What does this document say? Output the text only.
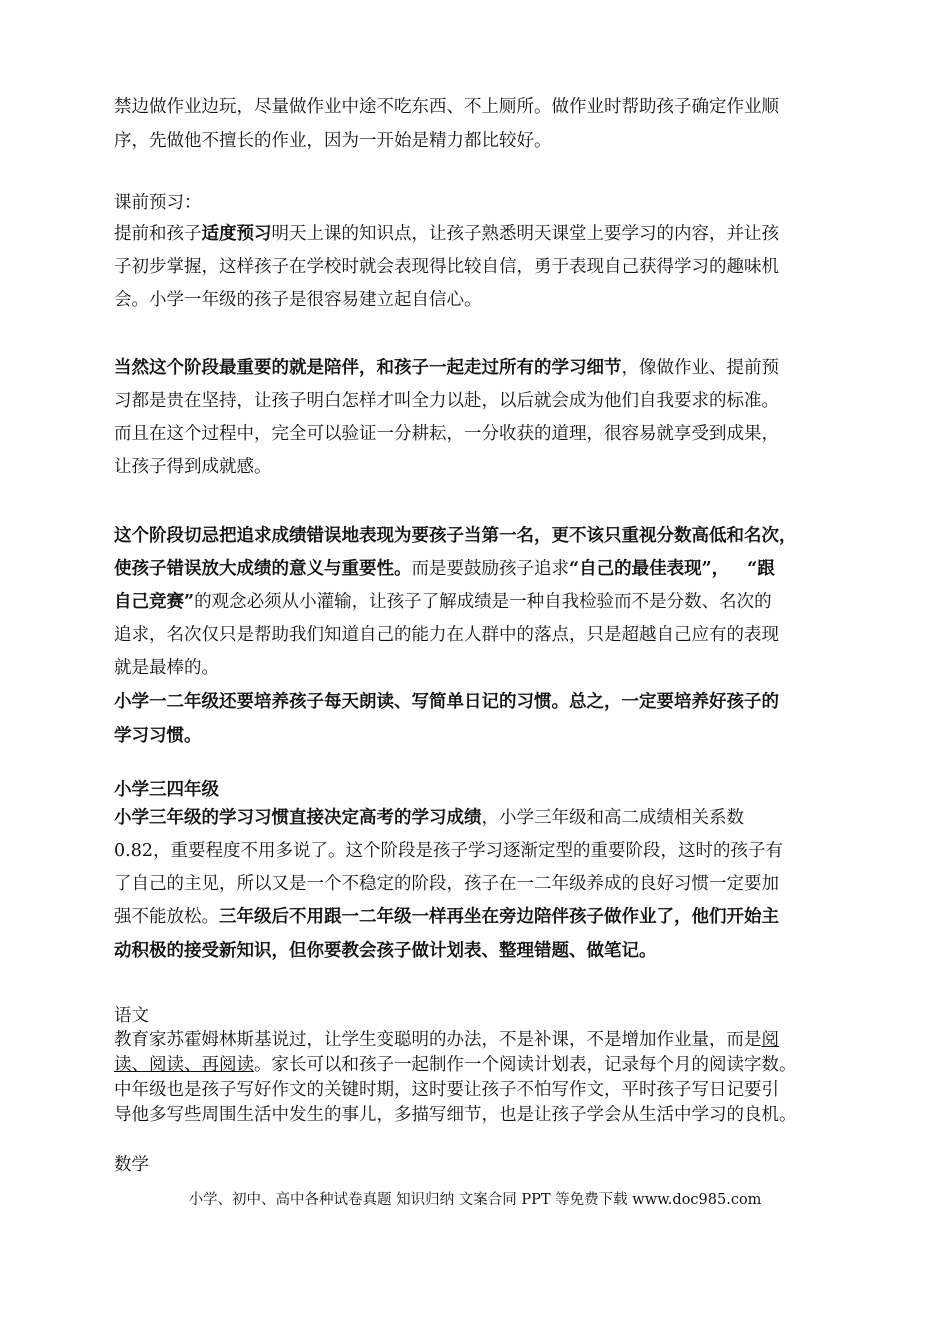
禁边做作业边玩，尽量做作业中途不吃东西、不上厕所。做作业时帮助孩子确定作业顺
序，先做他不擅长的作业，因为一开始是精力都比较好。
课前预习：
提前和孩子适度预习明天上课的知识点，让孩子熟悉明天课堂上要学习的内容，并让孩
子初步掌握，这样孩子在学校时就会表现得比较自信，勇于表现自己获得学习的趣味机
会。小学一年级的孩子是很容易建立起自信心。
当然这个阶段最重要的就是陪伴，和孩子一起走过所有的学习细节，像做作业、提前预
习都是贵在坚持，让孩子明白怎样才叫全力以赴，以后就会成为他们自我要求的标准。
而且在这个过程中，完全可以验证一分耕耘，一分收获的道理，很容易就享受到成果，
让孩子得到成就感。
这个阶段切忌把追求成绩错误地表现为要孩子当第一名，更不该只重视分数高低和名次，
使孩子错误放大成绩的意义与重要性。而是要鼓励孩子追求“自己的最佳表现”， “跟
自己竞赛”的观念必须从小灌输，让孩子了解成绩是一种自我检验而不是分数、名次的
追求，名次仅只是帮助我们知道自己的能力在人群中的落点，只是超越自己应有的表现
就是最棒的。
小学一二年级还要培养孩子每天朗读、写简单日记的习惯。总之，一定要培养好孩子的
学习习惯。
小学三四年级
小学三年级的学习习惯直接决定高考的学习成绩，小学三年级和高二成绩相关系数
0.82，重要程度不用多说了。这个阶段是孩子学习逐渐定型的重要阶段，这时的孩子有
了自己的主见，所以又是一个不稳定的阶段，孩子在一二年级养成的良好习惯一定要加
强不能放松。三年级后不用跟一二年级一样再坐在旁边陪伴孩子做作业了，他们开始主
动积极的接受新知识，但你要教会孩子做计划表、整理错题、做笔记。
语文
教育家苏霍姆林斯基说过，让学生变聪明的办法，不是补课，不是增加作业量，而是阅
读、阅读、再阅读。家长可以和孩子一起制作一个阅读计划表，记录每个月的阅读字数。
中年级也是孩子写好作文的关键时期，这时要让孩子不怕写作文，平时孩子写日记要引
导他多写些周围生活中发生的事儿，多描写细节，也是让孩子学会从生活中学习的良机。
数学
小学、初中、高中各种试卷真题 知识归纳 文案合同 PPT 等免费下载 www.doc985.com
